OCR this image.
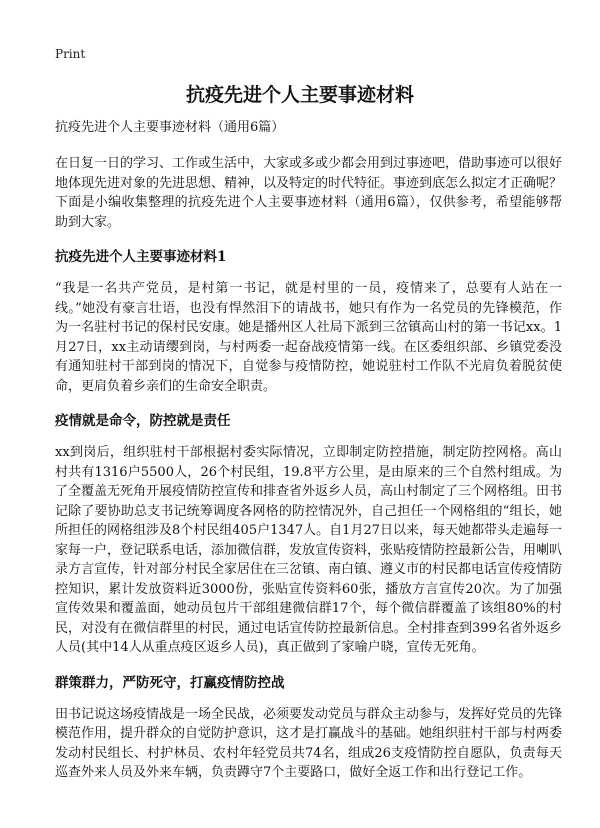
Print
抗疫先进个人主要事迹材料
抗疫先进个人主要事迹材料（通用6篇）

在日复一日的学习、工作或生活中，大家或多或少都会用到过事迹吧，借助事迹可以很好地体现先进对象的先进思想、精神，以及特定的时代特征。事迹到底怎么拟定才正确呢？下面是小编收集整理的抗疫先进个人主要事迹材料（通用6篇），仅供参考，希望能够帮助到大家。

抗疫先进个人主要事迹材料1

“我是一名共产党员，是村第一书记，就是村里的一员，疫情来了，总要有人站在一线。”她没有豪言壮语，也没有悍然泪下的请战书，她只有作为一名党员的先锋模范，作为一名驻村书记的保村民安康。她是播州区人社局下派到三岔镇高山村的第一书记xx。1月27日，xx主动请缨到岗，与村两委一起奋战疫情第一线。在区委组织部、乡镇党委没有通知驻村干部到岗的情况下，自觉参与疫情防控，她说驻村工作队不光肩负着脱贫使命，更肩负着乡亲们的生命安全职责。

疫情就是命令，防控就是责任

xx到岗后，组织驻村干部根据村委实际情况，立即制定防控措施，制定防控网格。高山村共有1316户5500人，26个村民组，19.8平方公里，是由原来的三个自然村组成。为了全覆盖无死角开展疫情防控宣传和排查省外返乡人员，高山村制定了三个网格组。田书记除了要协助总支书记统筹调度各网格的防控情况外，自己担任一个网格组的“组长，她所担任的网格组涉及8个村民组405户1347人。自1月27日以来，每天她都带头走遍每一家每一户，登记联系电话，添加微信群，发放宣传资料，张贴疫情防控最新公告，用喇叭录方言宣传，针对部分村民全家居住在三岔镇、南白镇、遵义市的村民都电话宣传疫情防控知识，累计发放资料近3000份，张贴宣传资料60张，播放方言宣传20次。为了加强宣传效果和覆盖面，她动员包片干部组建微信群17个，每个微信群覆盖了该组80%的村民，对没有在微信群里的村民，通过电话宣传防控最新信息。全村排查到399名省外返乡人员(其中14人从重点疫区返乡人员)，真正做到了家喻户晓，宣传无死角。

群策群力，严防死守，打赢疫情防控战

田书记说这场疫情战是一场全民战，必须要发动党员与群众主动参与，发挥好党员的先锋模范作用，提升群众的自觉防护意识，这才是打赢战斗的基础。她组织驻村干部与村两委发动村民组长、村护林员、农村年轻党员共74名，组成26支疫情防控自愿队，负责每天巡查外来人员及外来车辆，负责蹲守7个主要路口，做好全返工作和出行登记工作。
